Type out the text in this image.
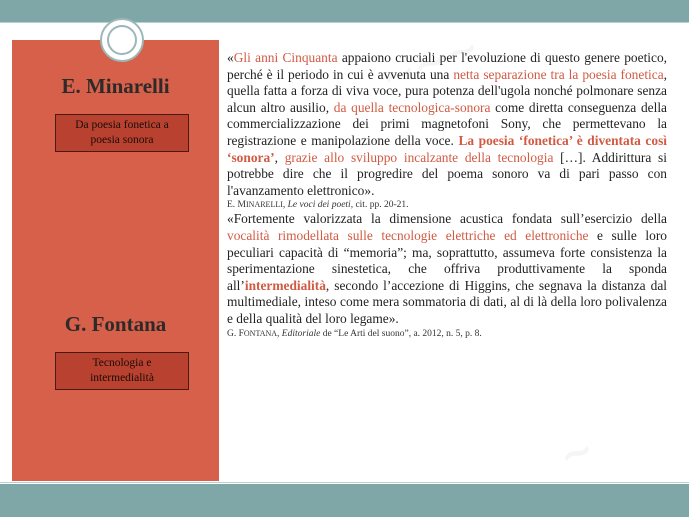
E. Minarelli
Da poesia fonetica a
poesia sonora
G. Fontana
Tecnologia e
intermedialità

«Gli anni Cinquanta appaiono cruciali per l'evoluzione di questo genere poetico, perché è il periodo in cui è avvenuta una netta separazione tra la poesia fonetica, quella fatta a forza di viva voce, pura potenza dell'ugola nonché polmonare senza alcun altro ausilio, da quella tecnologica-sonora come diretta conseguenza della commercializzazione dei primi magnetofoni Sony, che permettevano la registrazione e manipolazione della voce. La poesia ‘fonetica’ è diventata così ‘sonora’, grazie allo sviluppo incalzante della tecnologia […]. Addirittura si potrebbe dire che il progredire del poema sonoro va di pari passo con l'avanzamento elettronico».

E. MINARELLI, Le voci dei poeti, cit. pp. 20-21.

«Fortemente valorizzata la dimensione acustica fondata sull’esercizio della vocalità rimodellata sulle tecnologie elettriche ed elettroniche e sulle loro peculiari capacità di “memoria”; ma, soprattutto, assumeva forte consistenza la sperimentazione sinestetica, che offriva produttivamente la sponda all’intermedialità, secondo l’accezione di Higgins, che segnava la distanza dal multimediale, inteso come mera sommatoria di dati, al di là della loro polivalenza e della qualità del loro legame».

G. FONTANA, Editoriale de “Le Arti del suono”, a. 2012, n. 5, p. 8.
